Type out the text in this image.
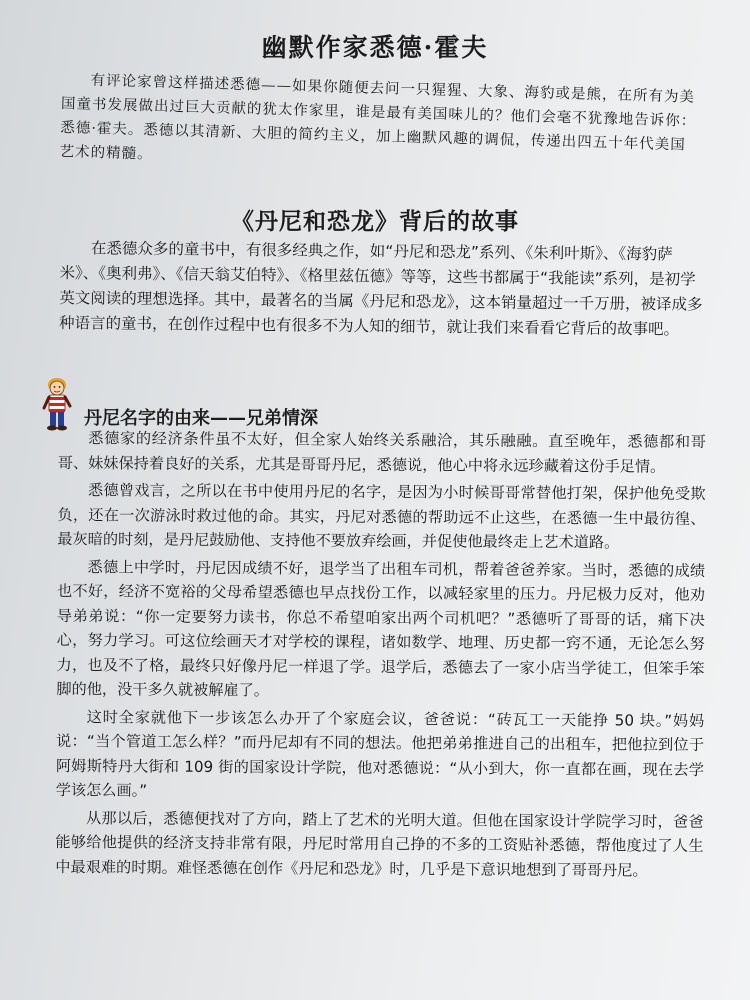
幽默作家悉德·霍夫

有评论家曾这样描述悉德——如果你随便去问一只猩猩、大象、海豹或是熊，在所有为美国童书发展做出过巨大贡献的犹太作家里，谁是最有美国味儿的？他们会毫不犹豫地告诉你：悉德·霍夫。悉德以其清新、大胆的简约主义，加上幽默风趣的调侃，传递出四五十年代美国艺术的精髓。

《丹尼和恐龙》背后的故事

在悉德众多的童书中，有很多经典之作，如“丹尼和恐龙”系列、《朱利叶斯》、《海豹萨米》、《奥利弗》、《信天翁艾伯特》、《格里兹伍德》等等，这些书都属于“我能读”系列，是初学英文阅读的理想选择。其中，最著名的当属《丹尼和恐龙》，这本销量超过一千万册，被译成多种语言的童书，在创作过程中也有很多不为人知的细节，就让我们来看看它背后的故事吧。

丹尼名字的由来——兄弟情深

悉德家的经济条件虽不太好，但全家人始终关系融洽，其乐融融。直至晚年，悉德都和哥哥、妹妹保持着良好的关系，尤其是哥哥丹尼，悉德说，他心中将永远珍藏着这份手足情。

悉德曾戏言，之所以在书中使用丹尼的名字，是因为小时候哥哥常替他打架，保护他免受欺负，还在一次游泳时救过他的命。其实，丹尼对悉德的帮助远不止这些，在悉德一生中最彷徨、最灰暗的时刻，是丹尼鼓励他、支持他不要放弃绘画，并促使他最终走上艺术道路。

悉德上中学时，丹尼因成绩不好，退学当了出租车司机，帮着爸爸养家。当时，悉德的成绩也不好，经济不宽裕的父母希望悉德也早点找份工作，以减轻家里的压力。丹尼极力反对，他劝导弟弟说：“你一定要努力读书，你总不希望咱家出两个司机吧？”悉德听了哥哥的话，痛下决心，努力学习。可这位绘画天才对学校的课程，诸如数学、地理、历史都一窍不通，无论怎么努力，也及不了格，最终只好像丹尼一样退了学。退学后，悉德去了一家小店当学徒工，但笨手笨脚的他，没干多久就被解雇了。

这时全家就他下一步该怎么办开了个家庭会议，爸爸说：“砖瓦工一天能挣 50 块。”妈妈说：“当个管道工怎么样？”而丹尼却有不同的想法。他把弟弟推进自己的出租车，把他拉到位于阿姆斯特丹大街和 109 街的国家设计学院，他对悉德说：“从小到大，你一直都在画，现在去学学该怎么画。”

从那以后，悉德便找对了方向，踏上了艺术的光明大道。但他在国家设计学院学习时，爸爸能够给他提供的经济支持非常有限，丹尼时常用自己挣的不多的工资贴补悉德，帮他度过了人生中最艰难的时期。难怪悉德在创作《丹尼和恐龙》时，几乎是下意识地想到了哥哥丹尼。
